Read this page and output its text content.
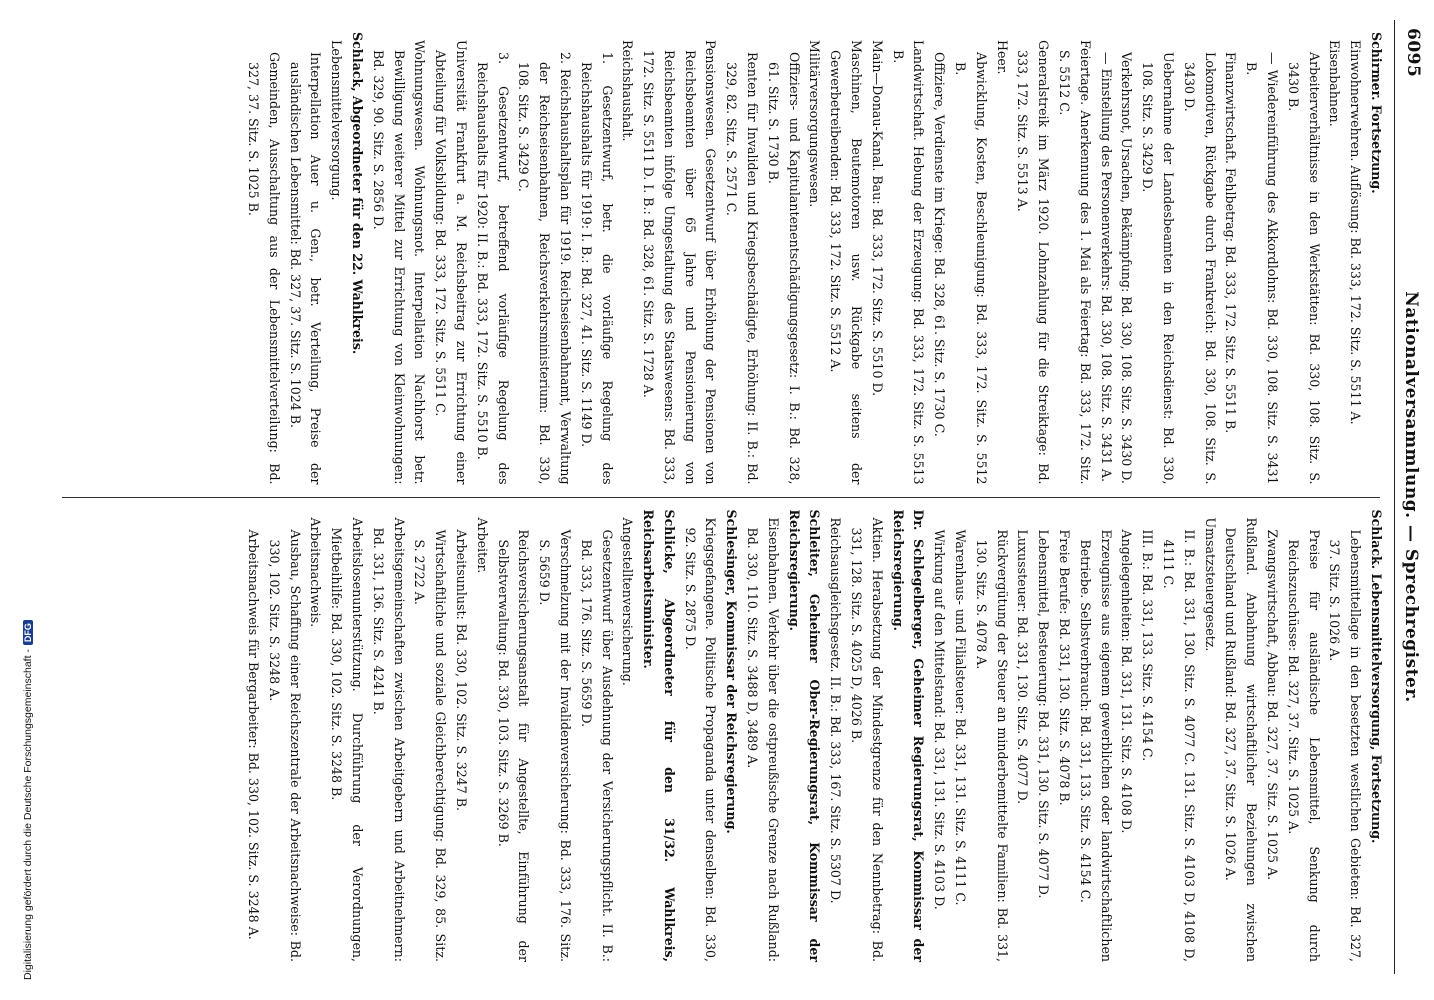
6095
Nationalversammlung. — Sprechregister.

Schirmer. Fortsetzung.

Einwohnerwehren. Auflösung: Bd. 333, 172. Sitz. S. 5511 A.

Eisenbahnen.

Arbeiterverhältnisse in den Werkstätten: Bd. 330, 108. Sitz. S. 3430 B.

— Wiedereinführung des Akkordlohns: Bd. 330, 108. Sitz. S. 3431 B.

Finanzwirtschaft. Fehlbetrag: Bd. 333, 172. Sitz. S. 5511 B.

Lokomotiven, Rückgabe durch Frankreich: Bd. 330, 108. Sitz. S. 3430 D.

Uebernahme der Landesbeamten in den Reichsdienst: Bd. 330, 108. Sitz. S. 3429 D.

Verkehrsnot, Ursachen, Bekämpfung: Bd. 330, 108. Sitz. S. 3430 D.

— Einstellung des Personenverkehrs: Bd. 330, 108. Sitz. S. 3431 A.

Feiertage. Anerkennung des 1. Mai als Feiertag: Bd. 333, 172. Sitz. S. 5512 C.

Generalstreik im März 1920. Lohnzahlung für die Streiktage: Bd. 333, 172. Sitz. S. 5513 A.

Heer.

Abwicklung, Kosten, Beschleunigung: Bd. 333, 172. Sitz. S. 5512 B.

Offiziere, Verdienste im Kriege: Bd. 328, 61. Sitz. S. 1730 C.

Landwirtschaft. Hebung der Erzeugung: Bd. 333, 172. Sitz. S. 5513 B.

Main—Donau-Kanal. Bau: Bd. 333, 172. Sitz. S. 5510 D.

Maschinen, Beutemotoren usw. Rückgabe seitens der Gewerbetreibenden: Bd. 333, 172. Sitz. S. 5512 A.

Militärversorgungswesen.

Offiziers- und Kapitulantenentschädigungsgesetz: I. B.: Bd. 328, 61. Sitz. S. 1730 B.

Renten für Invaliden und Kriegsbeschädigte, Erhöhung: II. B.: Bd. 329, 82. Sitz. S. 2571 C.

Pensionswesen. Gesetzentwurf über Erhöhung der Pensionen von Reichsbeamten über 65 Jahre und Pensionierung von Reichsbeamten infolge Umgestaltung des Staatswesens: Bd. 333, 172. Sitz. S. 5511 D. I. B.: Bd. 328, 61. Sitz. S. 1728 A.

Reichshaushalt.

1. Gesetzentwurf, betr. die vorläufige Regelung des Reichshaushalts für 1919: I. B.: Bd. 327, 41. Sitz. S. 1149 D.

2. Reichshaushaltsplan für 1919. Reichseisenbahnamt, Verwaltung der Reichseisenbahnen, Reichsverkehrsministerium: Bd. 330, 108. Sitz. S. 3429 C.

3. Gesetzentwurf, betreffend vorläufige Regelung des Reichshaushalts für 1920: II. B.: Bd. 333, 172. Sitz. S. 5510 B.

Universität Frankfurt a. M. Reichsbeitrag zur Errichtung einer Abteilung für Volksbildung: Bd. 333, 172. Sitz. S. 5511 C.

Wohnungswesen. Wohnungsnot. Interpellation Nachhorst betr. Bewilligung weiterer Mittel zur Errichtung von Kleinwohnungen: Bd. 329, 90. Sitz. S. 2856 D.

Schlack, Abgeordneter für den 22. Wahlkreis.

Lebensmittelversorgung.

Interpellation Auer u. Gen., betr. Verteilung, Preise der ausländischen Lebensmittel: Bd. 327, 37. Sitz. S. 1024 B.

Gemeinden, Ausschaltung aus der Lebensmittelverteilung: Bd. 327, 37. Sitz. S. 1025 B.

Schlack. Lebensmittelversorgung, Fortsetzung.

Lebensmittellage in den besetzten westlichen Gebieten: Bd. 327, 37. Sitz. S. 1026 A.

Preise für ausländische Lebensmittel, Senkung durch Reichszuschüsse: Bd. 327, 37. Sitz. S. 1025 A.

Zwangswirtschaft, Abbau: Bd. 327, 37. Sitz. S. 1025 A.

Rußland. Anbahnung wirtschaftlicher Beziehungen zwischen Deutschland und Rußland: Bd. 327, 37. Sitz. S. 1026 A.

Umsatzsteuergesetz.

II. B.: Bd. 331, 130. Sitz. S. 4077 C. 131. Sitz. S. 4103 D, 4108 D, 4111 C.

III. B.: Bd. 331, 133. Sitz. S. 4154 C.

Angelegenheiten: Bd. 331, 131. Sitz. S. 4108 D.

Erzeugnisse aus eigenem gewerblichen oder landwirtschaftlichen Betriebe. Selbstverbrauch: Bd. 331, 133. Sitz. S. 4154 C.

Freie Berufe: Bd. 331, 130. Sitz. S. 4078 B.

Lebensmittel, Besteuerung: Bd. 331, 130. Sitz. S. 4077 D.

Luxussteuer: Bd. 331, 130. Sitz. S. 4077 D.

Rückvergütung der Steuer an minderbemittelte Familien: Bd. 331, 130. Sitz. S. 4078 A.

Warenhaus- und Filialsteuer: Bd. 331, 131. Sitz. S. 4111 C.

Wirkung auf den Mittelstand: Bd. 331, 131. Sitz. S. 4103 D.

Dr. Schlegelberger, Geheimer Regierungsrat, Kommissar der Reichsregierung.

Aktien. Herabsetzung der Mindestgrenze für den Nennbetrag: Bd. 331, 128. Sitz. S. 4025 D, 4026 B.

Reichsausgleichsgesetz. II. B.: Bd. 333, 167. Sitz. S. 5307 D.

Schleiter, Geheimer Ober-Regierungsrat, Kommissar der Reichsregierung.

Eisenbahnen. Verkehr über die ostpreußische Grenze nach Rußland: Bd. 330, 110. Sitz. S. 3488 D, 3489 A.

Schlesinger, Kommissar der Reichsregierung.

Kriegsgefangene. Politische Propaganda unter denselben: Bd. 330, 92. Sitz. S. 2875 D.

Schlicke, Abgeordneter für den 31/32. Wahlkreis, Reichsarbeitsminister.

Angestelltenversicherung.

Gesetzentwurf über Ausdehnung der Versicherungspflicht. II. B.: Bd. 333, 176. Sitz. S. 5659 D.

Verschmelzung mit der Invalidenversicherung: Bd. 333, 176. Sitz. S. 5659 D.

Reichsversicherungsanstalt für Angestellte, Einführung der Selbstverwaltung: Bd. 330, 103. Sitz. S. 3269 B.

Arbeiter.

Arbeitsunlust: Bd. 330, 102. Sitz. S. 3247 B.

Wirtschaftliche und soziale Gleichberechtigung: Bd. 329, 85. Sitz. S. 2722 A.

Arbeitsgemeinschaften zwischen Arbeitgebern und Arbeitnehmern: Bd. 331, 136. Sitz. S. 4241 B.

Arbeitslosenunterstützung. Durchführung der Verordnungen, Mietbeihilfe: Bd. 330, 102. Sitz. S. 3248 B.

Arbeitsnachweis.

Ausbau, Schaffung einer Reichszentrale der Arbeitsnachweise: Bd. 330, 102. Sitz. S. 3248 A.

Arbeitsnachweis für Bergarbeiter: Bd. 330, 102. Sitz. S. 3248 A.

Digitalisierung gefördert durch die Deutsche Forschungsgemeinschaft -
DFG
